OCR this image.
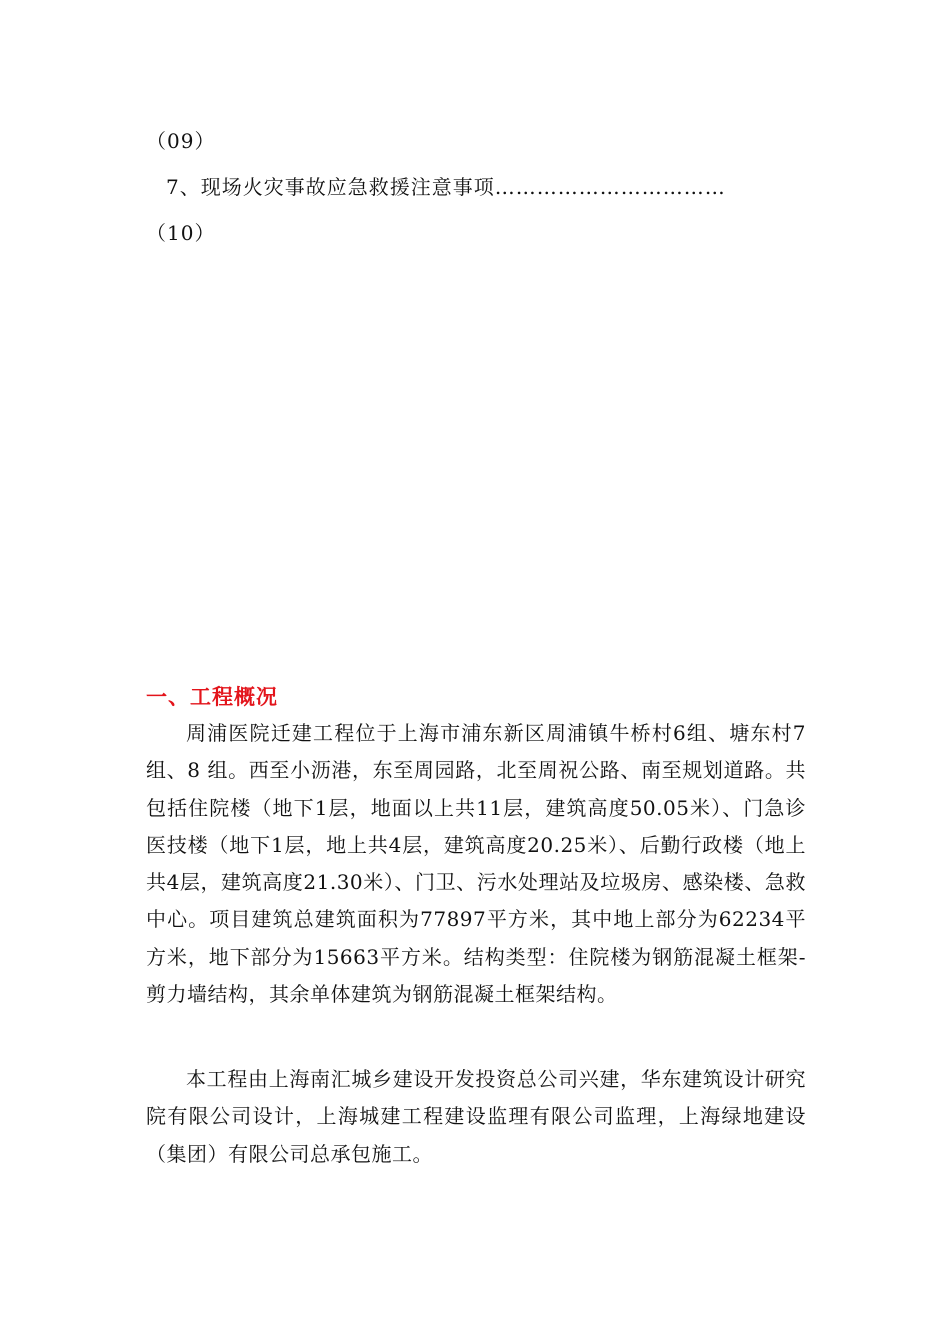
（09）
7、现场火灾事故应急救援注意事项……………………………
（10）
一、工程概况

周浦医院迁建工程位于上海市浦东新区周浦镇牛桥村6组、塘东村7组、8 组。西至小沥港，东至周园路，北至周祝公路、南至规划道路。共包括住院楼（地下1层，地面以上共11层，建筑高度50.05米）、门急诊医技楼（地下1层，地上共4层，建筑高度20.25米）、后勤行政楼（地上共4层，建筑高度21.30米）、门卫、污水处理站及垃圾房、感染楼、急救中心。项目建筑总建筑面积为77897平方米，其中地上部分为62234平方米，地下部分为15663平方米。结构类型：住院楼为钢筋混凝土框架-剪力墙结构，其余单体建筑为钢筋混凝土框架结构。

本工程由上海南汇城乡建设开发投资总公司兴建，华东建筑设计研究院有限公司设计，上海城建工程建设监理有限公司监理，上海绿地建设（集团）有限公司总承包施工。
